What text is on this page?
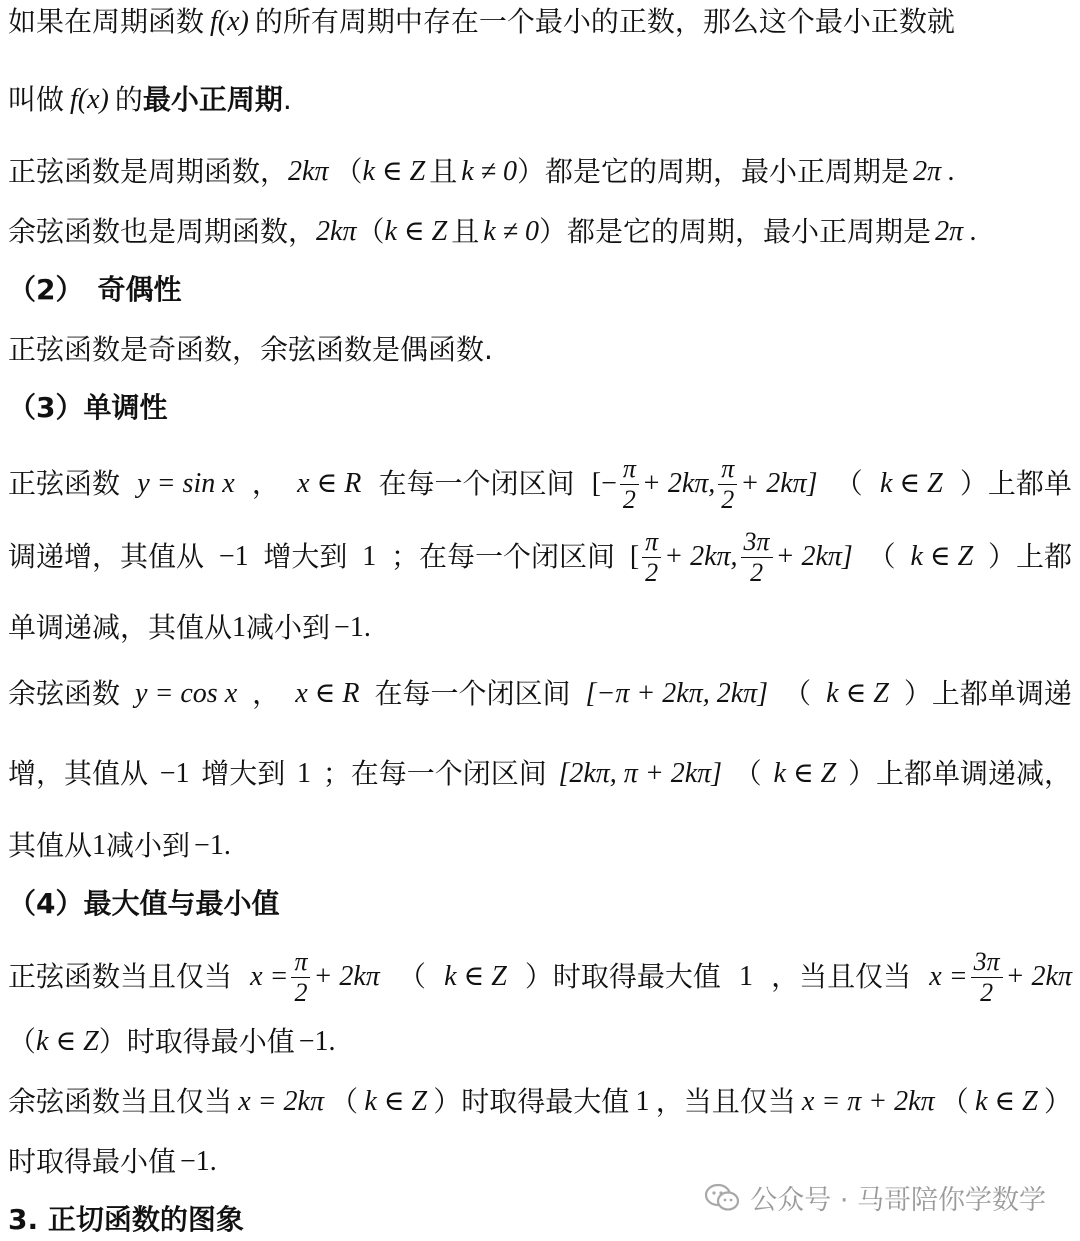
如果在周期函数 f(x) 的所有周期中存在一个最小的正数，那么这个最小正数就
叫做 f(x) 的 最小正周期 .
正弦函数是周期函数， 2kπ （ k ∈ Z 且 k ≠ 0 ）都是它的周期，最小正周期是 2π .
余弦函数也是周期函数， 2kπ （ k ∈ Z 且 k ≠ 0 ）都是它的周期，最小正周期是 2π .
（2）　奇偶性
正弦函数是奇函数，余弦函数是偶函数.
（3）单调性
正弦函数 y = sin x ， x ∈ R 在每一个闭区间 [− $\frac{\pi}{2} + 2k\pi$, $\frac{\pi}{2} + 2k\pi$] （ k ∈ Z ）上都单
调递增，其值从 −1 增大到 1 ；在每一个闭区间 [ $\frac{\pi}{2} + 2k\pi$, $\frac{3\pi}{2} + 2k\pi$] （ k ∈ Z ）上都
单调递减，其值从 1 减小到 −1.
余弦函数 y = cos x ， x ∈ R 在每一个闭区间 [−π + 2kπ, 2kπ] （ k ∈ Z ）上都单调递
增，其值从 −1 增大到 1 ；在每一个闭区间 [2kπ, π + 2kπ] （ k ∈ Z ）上都单调递减，
其值从 1 减小到 −1.
（4）最大值与最小值
正弦函数当且仅当 $x = \frac{\pi}{2} + 2k\pi$ （ k ∈ Z ）时取得最大值 1 ，当且仅当 $x = \frac{3\pi}{2} + 2k\pi$
（ k ∈ Z ）时取得最小值 −1.
余弦函数当且仅当 x = 2kπ （ k ∈ Z ）时取得最大值 1 ，当且仅当 x = π + 2kπ （ k ∈ Z ）
时取得最小值 −1.
3. 正切函数的图象
公众号 · 马哥陪你学数学
